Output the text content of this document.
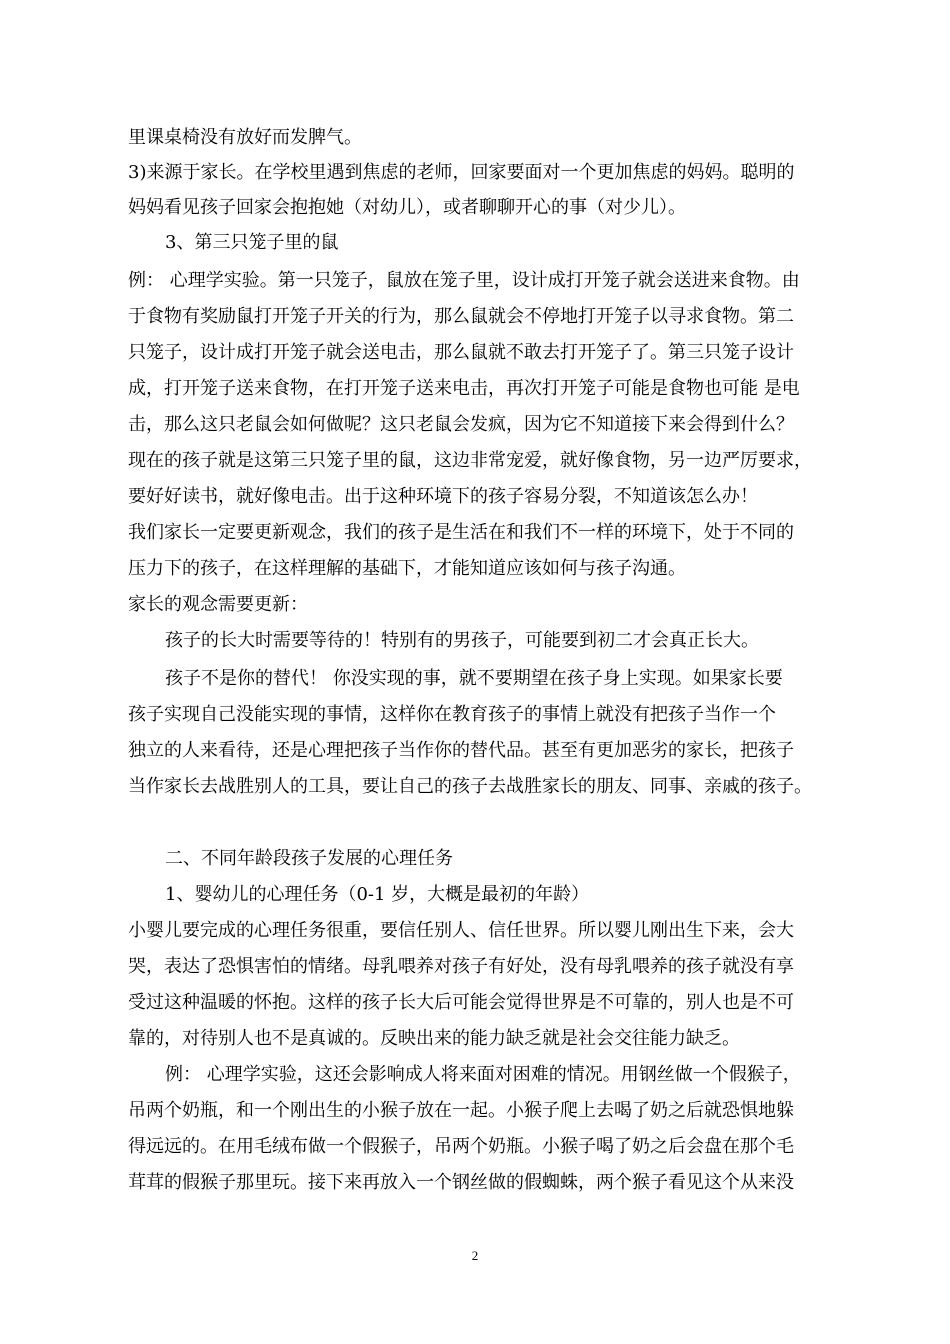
里课桌椅没有放好而发脾气。
3)来源于家长。在学校里遇到焦虑的老师，回家要面对一个更加焦虑的妈妈。聪明的
妈妈看见孩子回家会抱抱她（对幼儿），或者聊聊开心的事（对少儿）。
3、第三只笼子里的鼠
例： 心理学实验。第一只笼子，鼠放在笼子里，设计成打开笼子就会送进来食物。由
于食物有奖励鼠打开笼子开关的行为，那么鼠就会不停地打开笼子以寻求食物。第二
只笼子，设计成打开笼子就会送电击，那么鼠就不敢去打开笼子了。第三只笼子设计
成，打开笼子送来食物，在打开笼子送来电击，再次打开笼子可能是食物也可能 是电
击，那么这只老鼠会如何做呢？这只老鼠会发疯，因为它不知道接下来会得到什么？
现在的孩子就是这第三只笼子里的鼠，这边非常宠爱，就好像食物，另一边严厉要求，
要好好读书，就好像电击。出于这种环境下的孩子容易分裂，不知道该怎么办！
我们家长一定要更新观念，我们的孩子是生活在和我们不一样的环境下，处于不同的
压力下的孩子，在这样理解的基础下，才能知道应该如何与孩子沟通。
家长的观念需要更新：
孩子的长大时需要等待的！特别有的男孩子，可能要到初二才会真正长大。
孩子不是你的替代！ 你没实现的事，就不要期望在孩子身上实现。如果家长要
孩子实现自己没能实现的事情，这样你在教育孩子的事情上就没有把孩子当作一个
独立的人来看待，还是心理把孩子当作你的替代品。甚至有更加恶劣的家长，把孩子
当作家长去战胜别人的工具，要让自己的孩子去战胜家长的朋友、同事、亲戚的孩子。
二、不同年龄段孩子发展的心理任务
1、婴幼儿的心理任务（0-1 岁，大概是最初的年龄）
小婴儿要完成的心理任务很重，要信任别人、信任世界。所以婴儿刚出生下来，会大
哭，表达了恐惧害怕的情绪。母乳喂养对孩子有好处，没有母乳喂养的孩子就没有享
受过这种温暖的怀抱。这样的孩子长大后可能会觉得世界是不可靠的，别人也是不可
靠的，对待别人也不是真诚的。反映出来的能力缺乏就是社会交往能力缺乏。
例： 心理学实验，这还会影响成人将来面对困难的情况。用钢丝做一个假猴子，
吊两个奶瓶，和一个刚出生的小猴子放在一起。小猴子爬上去喝了奶之后就恐惧地躲
得远远的。在用毛绒布做一个假猴子，吊两个奶瓶。小猴子喝了奶之后会盘在那个毛
茸茸的假猴子那里玩。接下来再放入一个钢丝做的假蜘蛛，两个猴子看见这个从来没
2
